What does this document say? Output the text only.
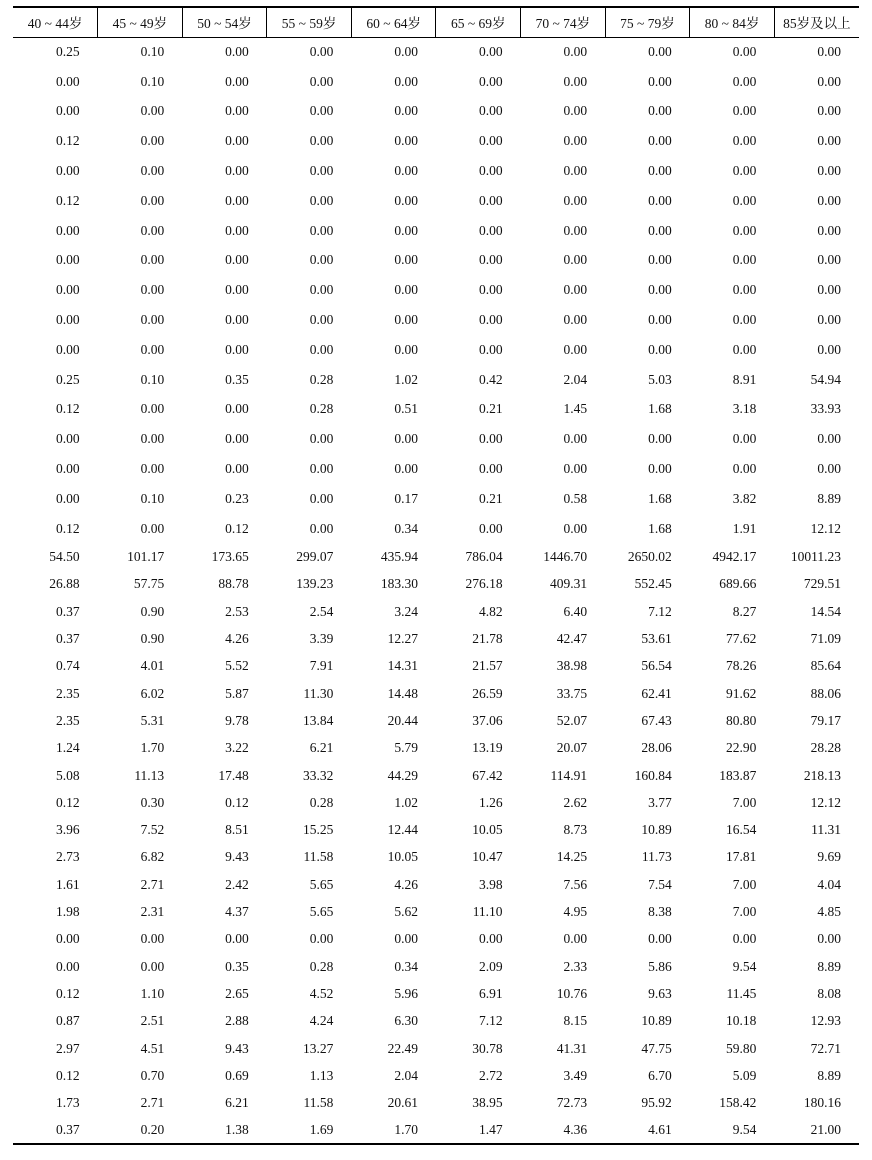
40 ~ 44岁	45 ~ 49岁	50 ~ 54岁	55 ~ 59岁	60 ~ 64岁	65 ~ 69岁	70 ~ 74岁	75 ~ 79岁	80 ~ 84岁	85岁及以上
0.25	0.10	0.00	0.00	0.00	0.00	0.00	0.00	0.00	0.00
0.00	0.10	0.00	0.00	0.00	0.00	0.00	0.00	0.00	0.00
0.00	0.00	0.00	0.00	0.00	0.00	0.00	0.00	0.00	0.00
0.12	0.00	0.00	0.00	0.00	0.00	0.00	0.00	0.00	0.00
0.00	0.00	0.00	0.00	0.00	0.00	0.00	0.00	0.00	0.00
0.12	0.00	0.00	0.00	0.00	0.00	0.00	0.00	0.00	0.00
0.00	0.00	0.00	0.00	0.00	0.00	0.00	0.00	0.00	0.00
0.00	0.00	0.00	0.00	0.00	0.00	0.00	0.00	0.00	0.00
0.00	0.00	0.00	0.00	0.00	0.00	0.00	0.00	0.00	0.00
0.00	0.00	0.00	0.00	0.00	0.00	0.00	0.00	0.00	0.00
0.00	0.00	0.00	0.00	0.00	0.00	0.00	0.00	0.00	0.00
0.25	0.10	0.35	0.28	1.02	0.42	2.04	5.03	8.91	54.94
0.12	0.00	0.00	0.28	0.51	0.21	1.45	1.68	3.18	33.93
0.00	0.00	0.00	0.00	0.00	0.00	0.00	0.00	0.00	0.00
0.00	0.00	0.00	0.00	0.00	0.00	0.00	0.00	0.00	0.00
0.00	0.10	0.23	0.00	0.17	0.21	0.58	1.68	3.82	8.89
0.12	0.00	0.12	0.00	0.34	0.00	0.00	1.68	1.91	12.12
54.50	101.17	173.65	299.07	435.94	786.04	1446.70	2650.02	4942.17	10011.23
26.88	57.75	88.78	139.23	183.30	276.18	409.31	552.45	689.66	729.51
0.37	0.90	2.53	2.54	3.24	4.82	6.40	7.12	8.27	14.54
0.37	0.90	4.26	3.39	12.27	21.78	42.47	53.61	77.62	71.09
0.74	4.01	5.52	7.91	14.31	21.57	38.98	56.54	78.26	85.64
2.35	6.02	5.87	11.30	14.48	26.59	33.75	62.41	91.62	88.06
2.35	5.31	9.78	13.84	20.44	37.06	52.07	67.43	80.80	79.17
1.24	1.70	3.22	6.21	5.79	13.19	20.07	28.06	22.90	28.28
5.08	11.13	17.48	33.32	44.29	67.42	114.91	160.84	183.87	218.13
0.12	0.30	0.12	0.28	1.02	1.26	2.62	3.77	7.00	12.12
3.96	7.52	8.51	15.25	12.44	10.05	8.73	10.89	16.54	11.31
2.73	6.82	9.43	11.58	10.05	10.47	14.25	11.73	17.81	9.69
1.61	2.71	2.42	5.65	4.26	3.98	7.56	7.54	7.00	4.04
1.98	2.31	4.37	5.65	5.62	11.10	4.95	8.38	7.00	4.85
0.00	0.00	0.00	0.00	0.00	0.00	0.00	0.00	0.00	0.00
0.00	0.00	0.35	0.28	0.34	2.09	2.33	5.86	9.54	8.89
0.12	1.10	2.65	4.52	5.96	6.91	10.76	9.63	11.45	8.08
0.87	2.51	2.88	4.24	6.30	7.12	8.15	10.89	10.18	12.93
2.97	4.51	9.43	13.27	22.49	30.78	41.31	47.75	59.80	72.71
0.12	0.70	0.69	1.13	2.04	2.72	3.49	6.70	5.09	8.89
1.73	2.71	6.21	11.58	20.61	38.95	72.73	95.92	158.42	180.16
0.37	0.20	1.38	1.69	1.70	1.47	4.36	4.61	9.54	21.00
